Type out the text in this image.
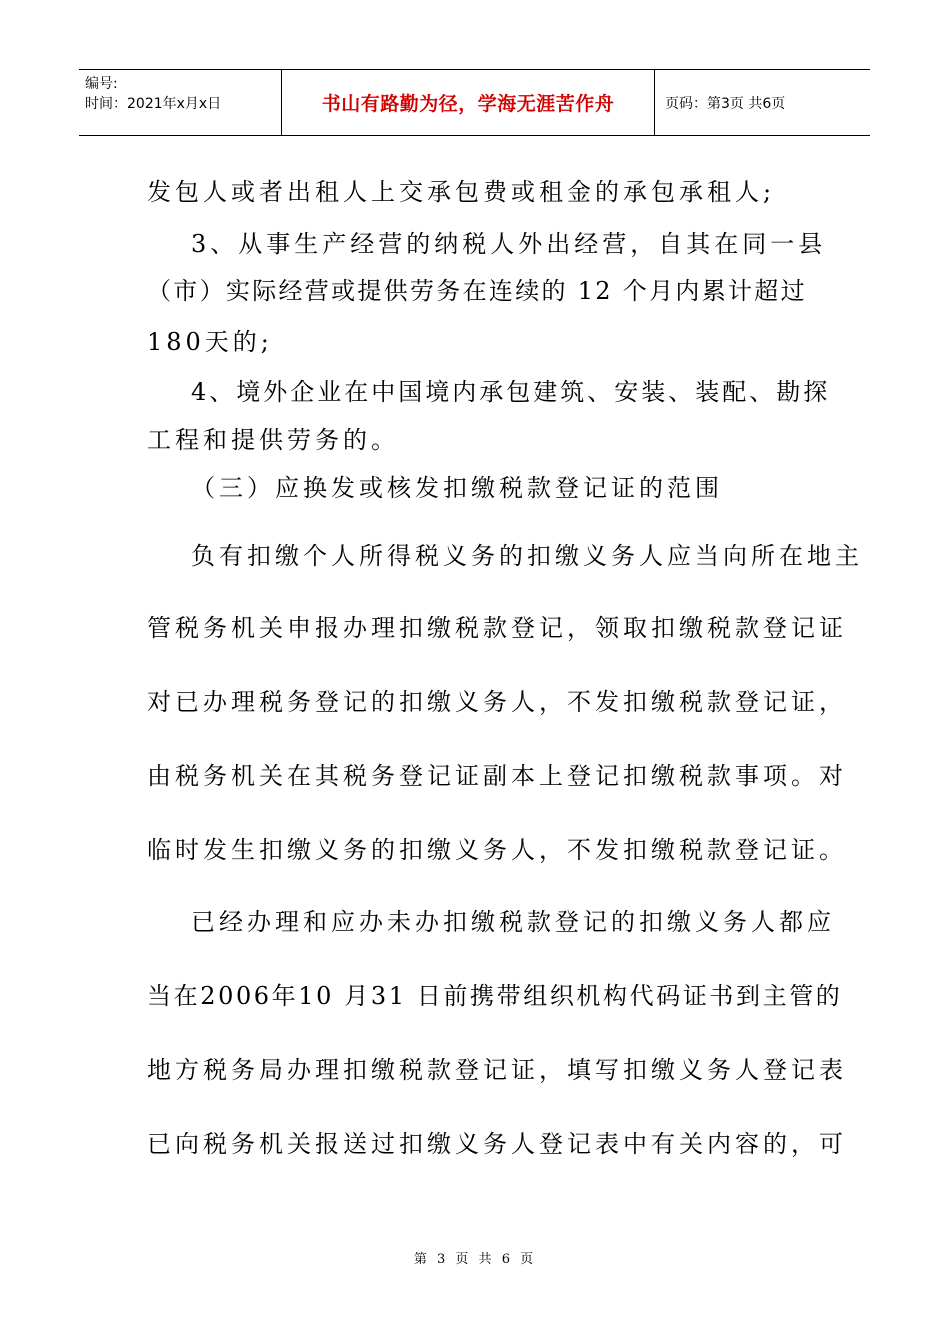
编号:
时间：2021年x月x日	书山有路勤为径，学海无涯苦作舟	页码：第3页 共6页
发包人或者出租人上交承包费或租金的承包承租人;
3、从事生产经营的纳税人外出经营，自其在同一县
（市）实际经营或提供劳务在连续的 12 个月内累计超过
180天的;
4、境外企业在中国境内承包建筑、安装、装配、勘探
工程和提供劳务的。
（三）应换发或核发扣缴税款登记证的范围
负有扣缴个人所得税义务的扣缴义务人应当向所在地主
管税务机关申报办理扣缴税款登记，领取扣缴税款登记证
对已办理税务登记的扣缴义务人，不发扣缴税款登记证，
由税务机关在其税务登记证副本上登记扣缴税款事项。对
临时发生扣缴义务的扣缴义务人，不发扣缴税款登记证。
已经办理和应办未办扣缴税款登记的扣缴义务人都应
当在2006年10 月31 日前携带组织机构代码证书到主管的
地方税务局办理扣缴税款登记证，填写扣缴义务人登记表
已向税务机关报送过扣缴义务人登记表中有关内容的，可
第 3 页 共 6 页
